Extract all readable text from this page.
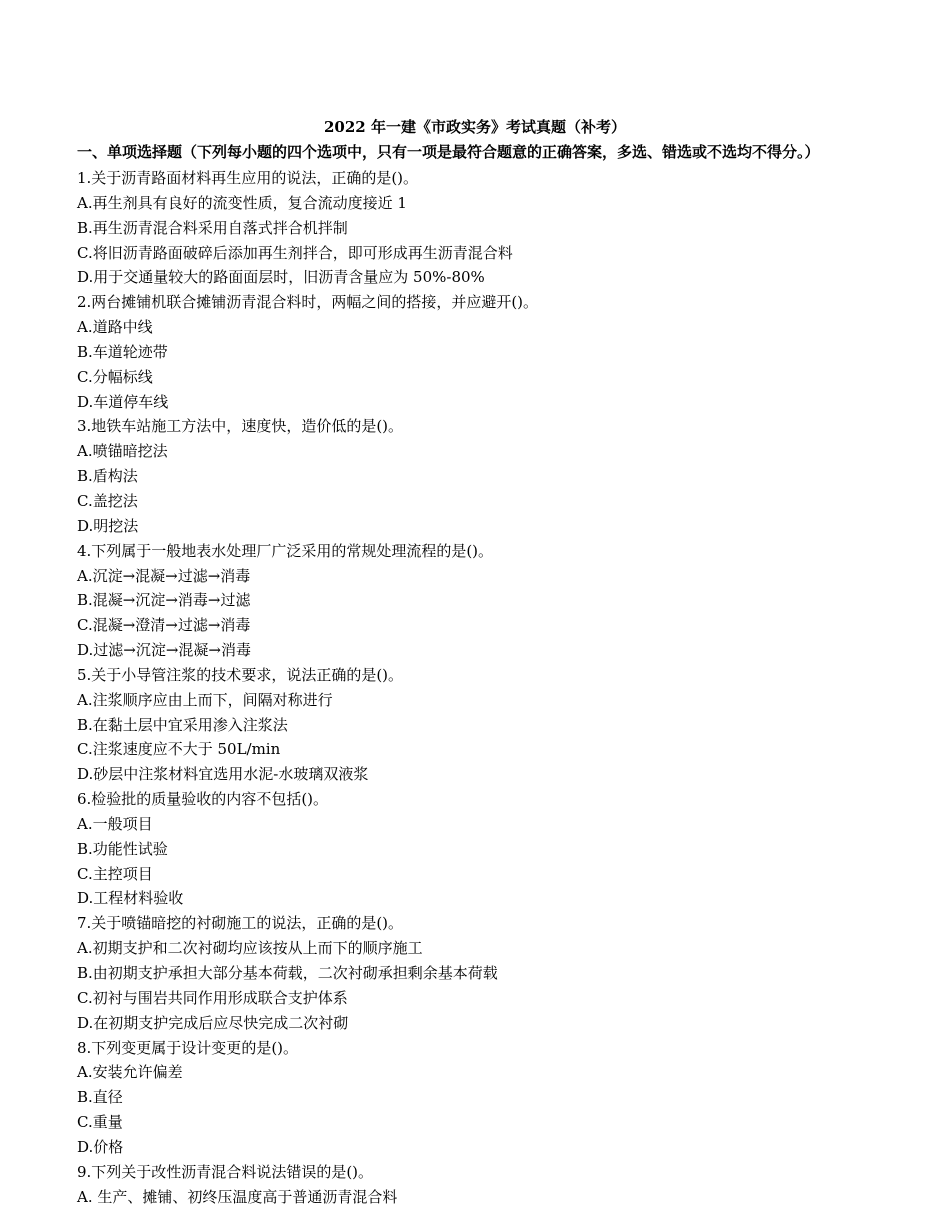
2022 年一建《市政实务》考试真题（补考）
一、单项选择题（下列每小题的四个选项中，只有一项是最符合题意的正确答案，多选、错选或不选均不得分。）
1.关于沥青路面材料再生应用的说法，正确的是()。
A.再生剂具有良好的流变性质，复合流动度接近 1
B.再生沥青混合料采用自落式拌合机拌制
C.将旧沥青路面破碎后添加再生剂拌合，即可形成再生沥青混合料
D.用于交通量较大的路面面层时，旧沥青含量应为 50%-80%
2.两台摊铺机联合摊铺沥青混合料时，两幅之间的搭接，并应避开()。
A.道路中线
B.车道轮迹带
C.分幅标线
D.车道停车线
3.地铁车站施工方法中，速度快，造价低的是()。
A.喷锚暗挖法
B.盾构法
C.盖挖法
D.明挖法
4.下列属于一般地表水处理厂广泛采用的常规处理流程的是()。
A.沉淀→混凝→过滤→消毒
B.混凝→沉淀→消毒→过滤
C.混凝→澄清→过滤→消毒
D.过滤→沉淀→混凝→消毒
5.关于小导管注浆的技术要求，说法正确的是()。
A.注浆顺序应由上而下，间隔对称进行
B.在黏土层中宜采用渗入注浆法
C.注浆速度应不大于 50L/min
D.砂层中注浆材料宜选用水泥-水玻璃双液浆
6.检验批的质量验收的内容不包括()。
A.一般项目
B.功能性试验
C.主控项目
D.工程材料验收
7.关于喷锚暗挖的衬砌施工的说法，正确的是()。
A.初期支护和二次衬砌均应该按从上而下的顺序施工
B.由初期支护承担大部分基本荷载，二次衬砌承担剩余基本荷载
C.初衬与围岩共同作用形成联合支护体系
D.在初期支护完成后应尽快完成二次衬砌
8.下列变更属于设计变更的是()。
A.安装允许偏差
B.直径
C.重量
D.价格
9.下列关于改性沥青混合料说法错误的是()。
A. 生产、摊铺、初终压温度高于普通沥青混合料
